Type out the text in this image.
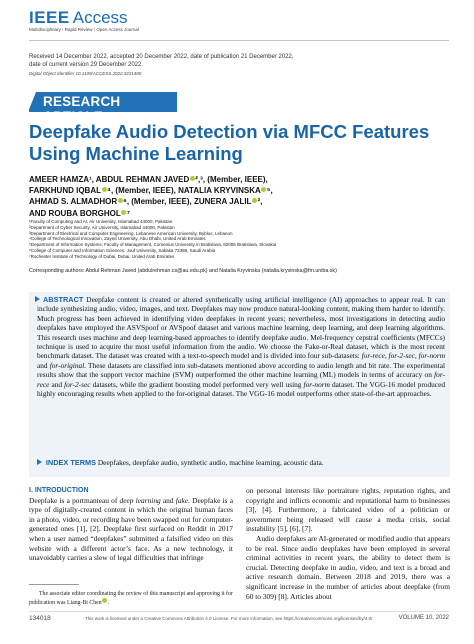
IEEE Access
Multidisciplinary ⁝ Rapid Review ⁝ Open Access Journal
Received 14 December 2022, accepted 20 December 2022, date of publication 21 December 2022,
date of current version 29 December 2022.
Digital Object Identifier 10.1109/ACCESS.2022.3231480
RESEARCH ARTICLE
Deepfake Audio Detection via MFCC Features Using Machine Learning
AMEER HAMZA¹, ABDUL REHMAN JAVED ²,³, (Member, IEEE),
FARKHUND IQBAL ⁴, (Member, IEEE), NATALIA KRYVINSKA ⁵,
AHMAD S. ALMADHOR ⁶, (Member, IEEE), ZUNERA JALIL ²,
AND ROUBA BORGHOL ⁷
¹Faculty of Computing and AI, Air University, Islamabad 44000, Pakistan
²Department of Cyber Security, Air University, Islamabad 44000, Pakistan
³Department of Electrical and Computer Engineering, Lebanese American University, Byblos, Lebanon
⁴College of Technological Innovation, Zayed University, Abu Dhabi, United Arab Emirates
⁵Department of Information Systems, Faculty of Management, Comenius University in Bratislava, 82005 Bratislava, Slovakia
⁶College of Computer and Information Sciences, Jouf University, Sakaka 72388, Saudi Arabia
⁷Rochester Institute of Technology of Dubai, Dubai, United Arab Emirates
Corresponding authors: Abdul Rehman Javed (abdulrehman.cs@au.edu.pk) and Natalia Kryvinska (natalia.kryvinska@fm.uniba.sk)
ABSTRACT Deepfake content is created or altered synthetically using artificial intelligence (AI) approaches to appear real. It can include synthesizing audio, video, images, and text. Deepfakes may now produce natural-looking content, making them harder to identify. Much progress has been achieved in identifying video deepfakes in recent years; nevertheless, most investigations in detecting audio deepfakes have employed the ASVSpoof or AVSpoof dataset and various machine learning, deep learning, and deep learning algorithms. This research uses machine and deep learning-based approaches to identify deepfake audio. Mel-frequency cepstral coefficients (MFCCs) technique is used to acquire the most useful information from the audio. We choose the Fake-or-Real dataset, which is the most recent benchmark dataset. The dataset was created with a text-to-speech model and is divided into four sub-datasets: for-rece, for-2-sec, for-norm and for-original. These datasets are classified into sub-datasets mentioned above according to audio length and bit rate. The experimental results show that the support vector machine (SVM) outperformed the other machine learning (ML) models in terms of accuracy on for-rece and for-2-sec datasets, while the gradient boosting model performed very well using for-norm dataset. The VGG-16 model produced highly encouraging results when applied to the for-original dataset. The VGG-16 model outperforms other state-of-the-art approaches.
INDEX TERMS Deepfakes, deepfake audio, synthetic audio, machine learning, acoustic data.
I. INTRODUCTION
Deepfake is a portmanteau of deep learning and fake. Deepfake is a type of digitally-created content in which the original human faces in a photo, video, or recording have been swapped out for computer-generated ones [1], [2]. Deepfake first surfaced on Reddit in 2017 when a user named “deepfakes” submitted a falsified video on this website with a different actor’s face. As a new technology, it unavoidably carries a slew of legal difficulties that infringe
The associate editor coordinating the review of this manuscript and approving it for publication was Liang-Bi Chen .
on personal interests like portraiture rights, reputation rights, and copyright and inflicts economic and reputational harm to businesses [3], [4]. Furthermore, a fabricated video of a politician or government being released will cause a media crisis, social instability [5], [6], [7].
Audio deepfakes are AI-generated or modified audio that appears to be real. Since audio deepfakes have been employed in several criminal activities in recent years, the ability to detect them is crucial. Detecting deepfake in audio, video, and text is a broad and active research domain. Between 2018 and 2019, there was a significant increase in the number of articles about deepfake (from 60 to 309) [8]. Articles about
134018	This work is licensed under a Creative Commons Attribution 4.0 License. For more information, see https://creativecommons.org/licenses/by/4.0/	VOLUME 10, 2022
